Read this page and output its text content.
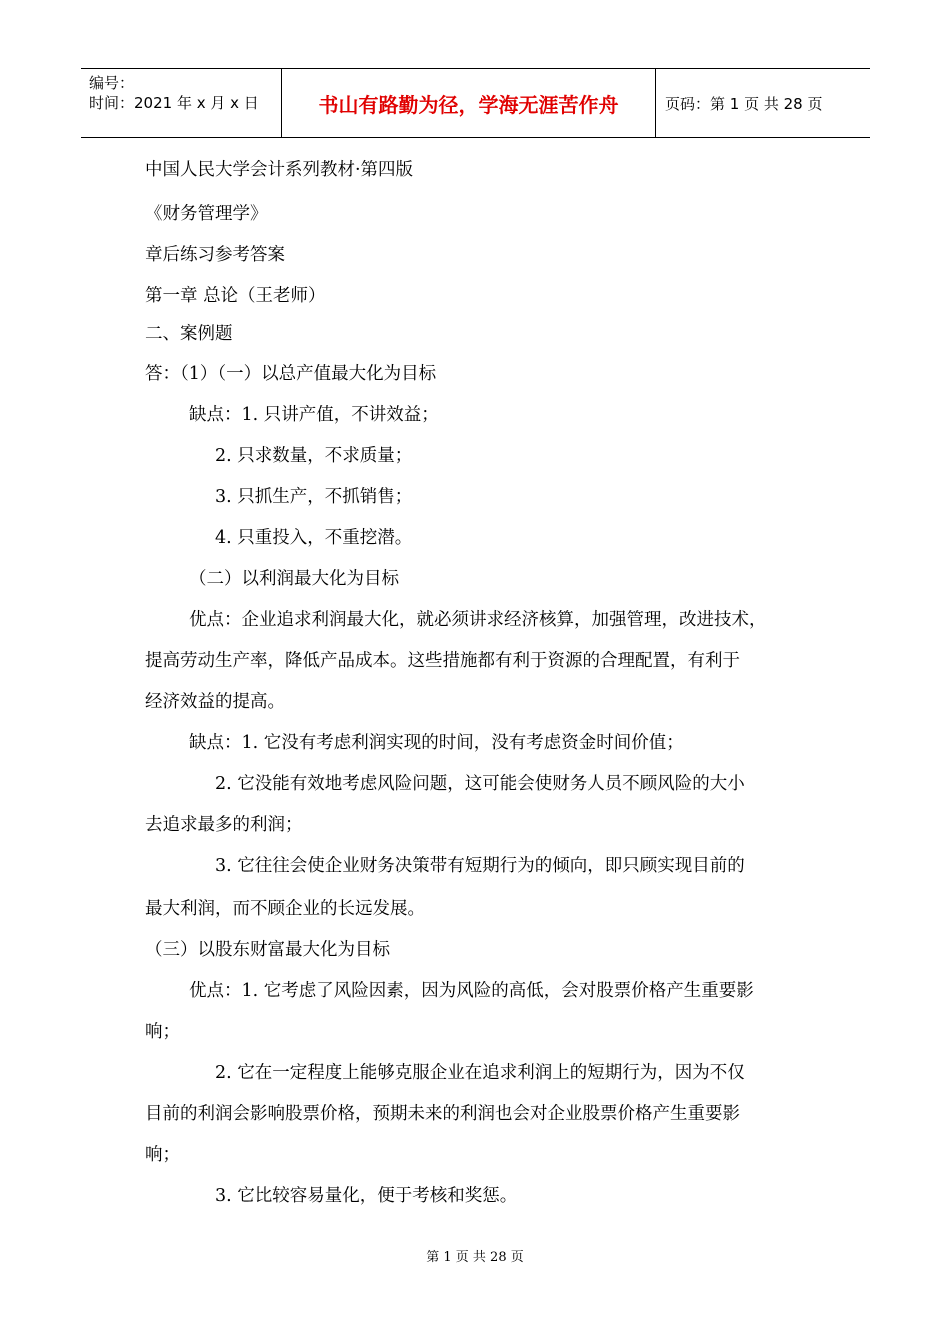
编号：
时间：2021 年 x 月 x 日	书山有路勤为径，学海无涯苦作舟	页码：第 1 页 共 28 页
中国人民大学会计系列教材·第四版
《财务管理学》
章后练习参考答案
第一章 总论（王老师）
二、案例题
答：（1）（一）以总产值最大化为目标
缺点：1. 只讲产值，不讲效益；
2. 只求数量，不求质量；
3. 只抓生产，不抓销售；
4. 只重投入，不重挖潜。
（二）以利润最大化为目标
优点：企业追求利润最大化，就必须讲求经济核算，加强管理，改进技术，
提高劳动生产率，降低产品成本。这些措施都有利于资源的合理配置，有利于
经济效益的提高。
缺点：1. 它没有考虑利润实现的时间，没有考虑资金时间价值；
2. 它没能有效地考虑风险问题，这可能会使财务人员不顾风险的大小
去追求最多的利润；
3. 它往往会使企业财务决策带有短期行为的倾向，即只顾实现目前的
最大利润，而不顾企业的长远发展。
（三）以股东财富最大化为目标
优点：1. 它考虑了风险因素，因为风险的高低，会对股票价格产生重要影
响；
2. 它在一定程度上能够克服企业在追求利润上的短期行为，因为不仅
目前的利润会影响股票价格，预期未来的利润也会对企业股票价格产生重要影
响；
3. 它比较容易量化，便于考核和奖惩。
第 1 页 共 28 页
